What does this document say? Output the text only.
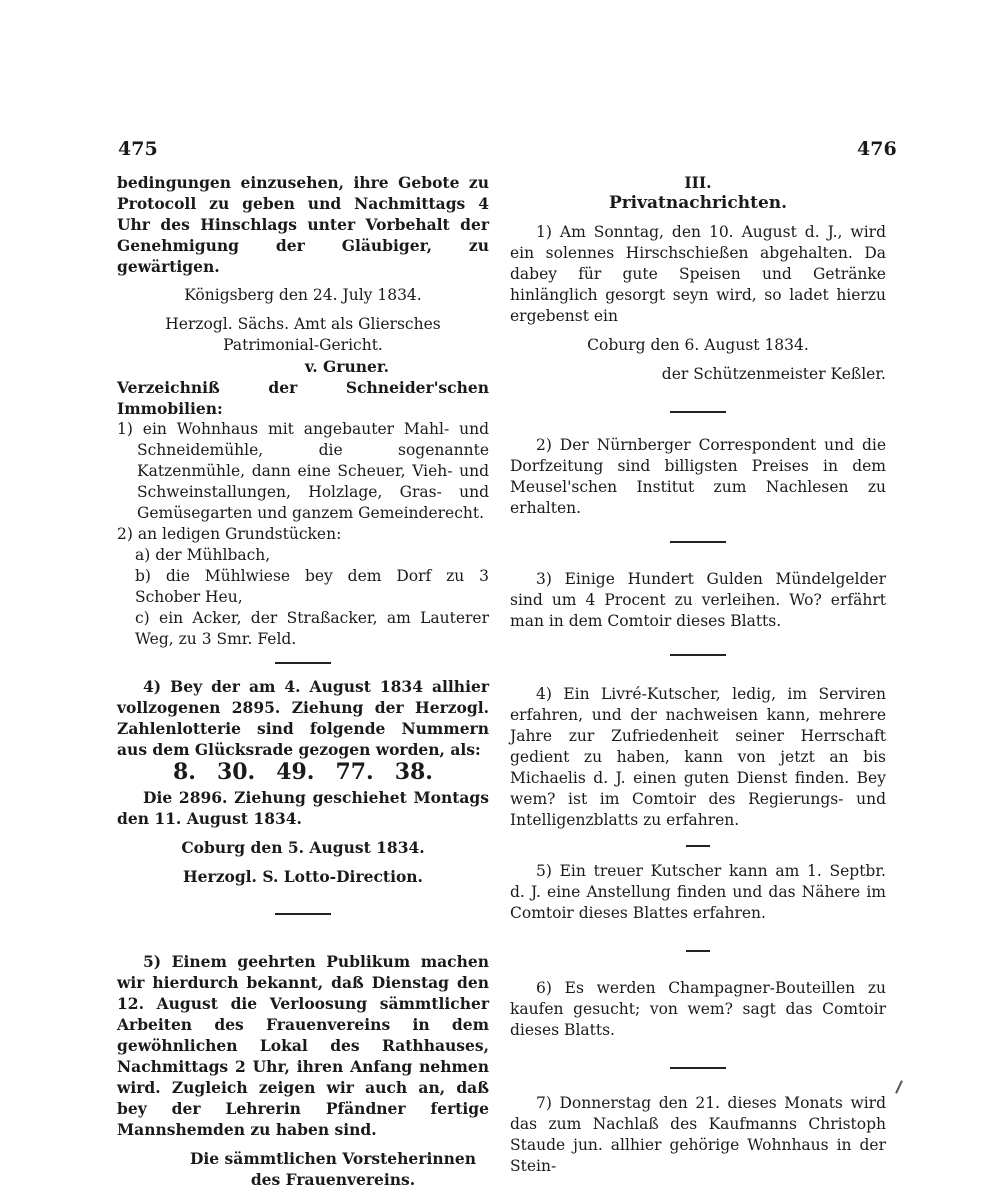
475	476

bedingungen einzusehen, ihre Gebote zu Protocoll zu geben und Nachmittags 4 Uhr des Hinschlags unter Vorbehalt der Genehmigung der Gläubiger, zu gewärtigen.

Königsberg den 24. July 1834.

Herzogl. Sächs. Amt als Gliersches Patrimonial-Gericht.

v. Gruner.

Verzeichniß der Schneider'schen Immobilien:

1) ein Wohnhaus mit angebauter Mahl- und Schneidemühle, die sogenannte Katzenmühle, dann eine Scheuer, Vieh- und Schweinstallungen, Holzlage, Gras- und Gemüsegarten und ganzem Gemeinderecht.

2) an ledigen Grundstücken:

a) der Mühlbach,

b) die Mühlwiese bey dem Dorf zu 3 Schober Heu,

c) ein Acker, der Straßacker, am Lauterer Weg, zu 3 Smr. Feld.

4) Bey der am 4. August 1834 allhier vollzogenen 2895. Ziehung der Herzogl. Zahlenlotterie sind folgende Nummern aus dem Glücksrade gezogen worden, als:

8. 30. 49. 77. 38.

Die 2896. Ziehung geschiehet Montags den 11. August 1834.

Coburg den 5. August 1834.

Herzogl. S. Lotto-Direction.

5) Einem geehrten Publikum machen wir hierdurch bekannt, daß Dienstag den 12. August die Verloosung sämmtlicher Arbeiten des Frauenvereins in dem gewöhnlichen Lokal des Rathhauses, Nachmittags 2 Uhr, ihren Anfang nehmen wird. Zugleich zeigen wir auch an, daß bey der Lehrerin Pfändner fertige Mannshemden zu haben sind.

Die sämmtlichen Vorsteherinnen des Frauenvereins.

III.

Privatnachrichten.

1) Am Sonntag, den 10. August d. J., wird ein solennes Hirschschießen abgehalten. Da dabey für gute Speisen und Getränke hinlänglich gesorgt seyn wird, so ladet hierzu ergebenst ein

Coburg den 6. August 1834.

der Schützenmeister Keßler.

2) Der Nürnberger Correspondent und die Dorfzeitung sind billigsten Preises in dem Meusel'schen Institut zum Nachlesen zu erhalten.

3) Einige Hundert Gulden Mündelgelder sind um 4 Procent zu verleihen. Wo? erfährt man in dem Comtoir dieses Blatts.

4) Ein Livré-Kutscher, ledig, im Serviren erfahren, und der nachweisen kann, mehrere Jahre zur Zufriedenheit seiner Herrschaft gedient zu haben, kann von jetzt an bis Michaelis d. J. einen guten Dienst finden. Bey wem? ist im Comtoir des Regierungs- und Intelligenzblatts zu erfahren.

5) Ein treuer Kutscher kann am 1. Septbr. d. J. eine Anstellung finden und das Nähere im Comtoir dieses Blattes erfahren.

6) Es werden Champagner-Bouteillen zu kaufen gesucht; von wem? sagt das Comtoir dieses Blatts.

7) Donnerstag den 21. dieses Monats wird das zum Nachlaß des Kaufmanns Christoph Staude jun. allhier gehörige Wohnhaus in der Stein-
